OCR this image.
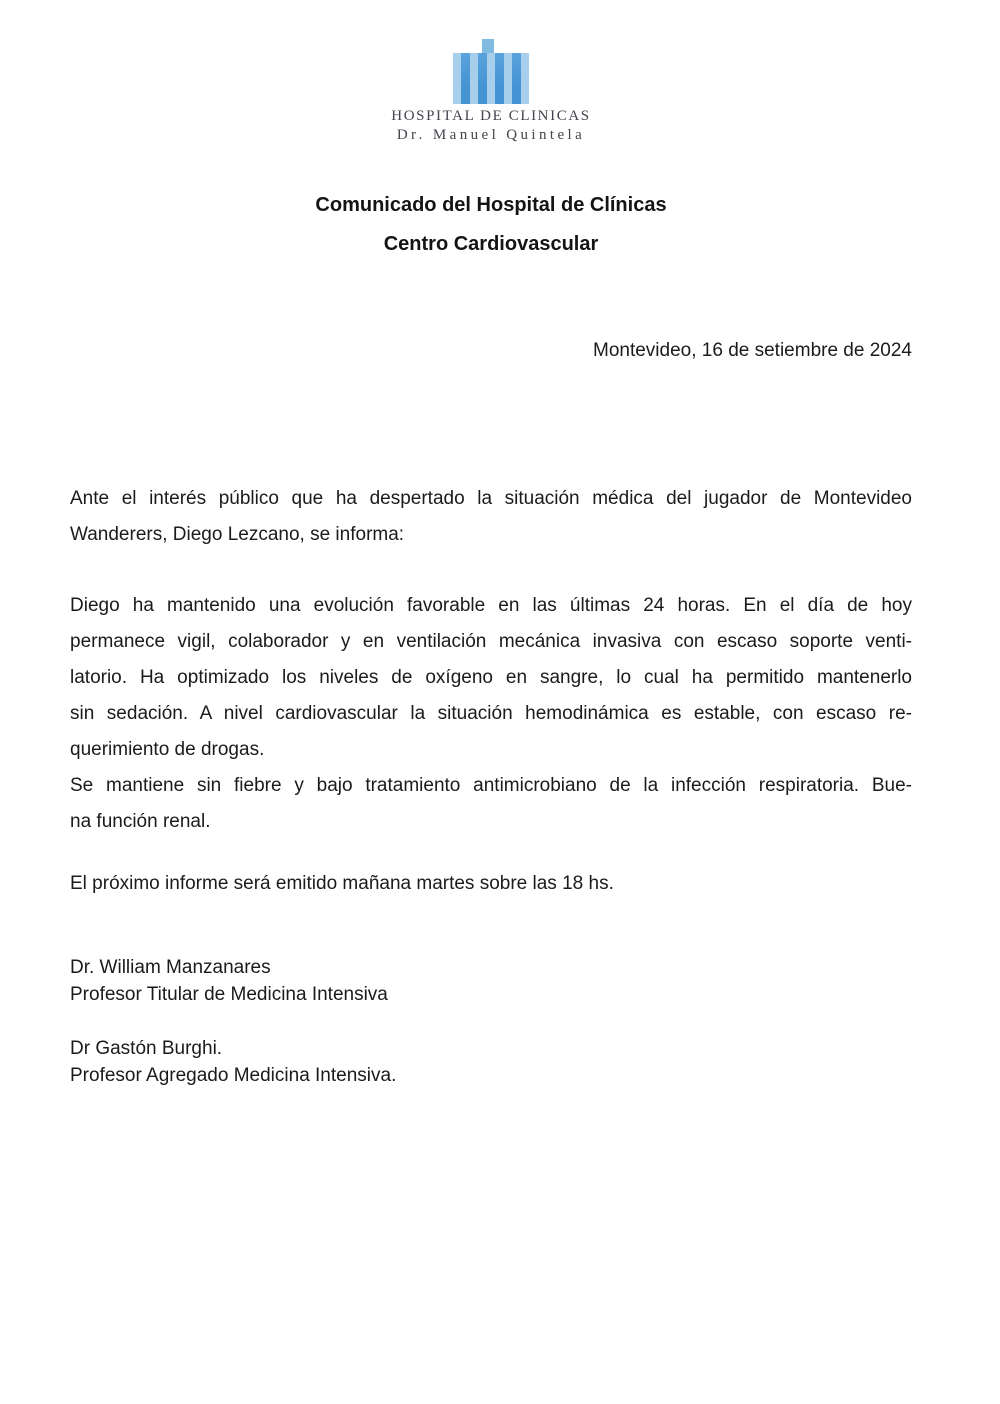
HOSPITAL DE CLINICAS
Dr. Manuel Quintela
Comunicado del Hospital de Clínicas
Centro Cardiovascular
Montevideo, 16 de setiembre de 2024
Ante el interés público que ha despertado la situación médica del jugador de Montevideo
Wanderers, Diego Lezcano, se informa:
Diego ha mantenido una evolución favorable en las últimas 24 horas. En el día de hoy
permanece vigil, colaborador y en ventilación mecánica invasiva con escaso soporte venti-
latorio. Ha optimizado los niveles de oxígeno en sangre, lo cual ha permitido mantenerlo
sin sedación. A nivel cardiovascular la situación hemodinámica es estable, con escaso re-
querimiento de drogas.
Se mantiene sin fiebre y bajo tratamiento antimicrobiano de la infección respiratoria. Bue-
na función renal.
El próximo informe será emitido mañana martes sobre las 18 hs.
Dr. William Manzanares
Profesor Titular de Medicina Intensiva
Dr Gastón Burghi.
Profesor Agregado Medicina Intensiva.
